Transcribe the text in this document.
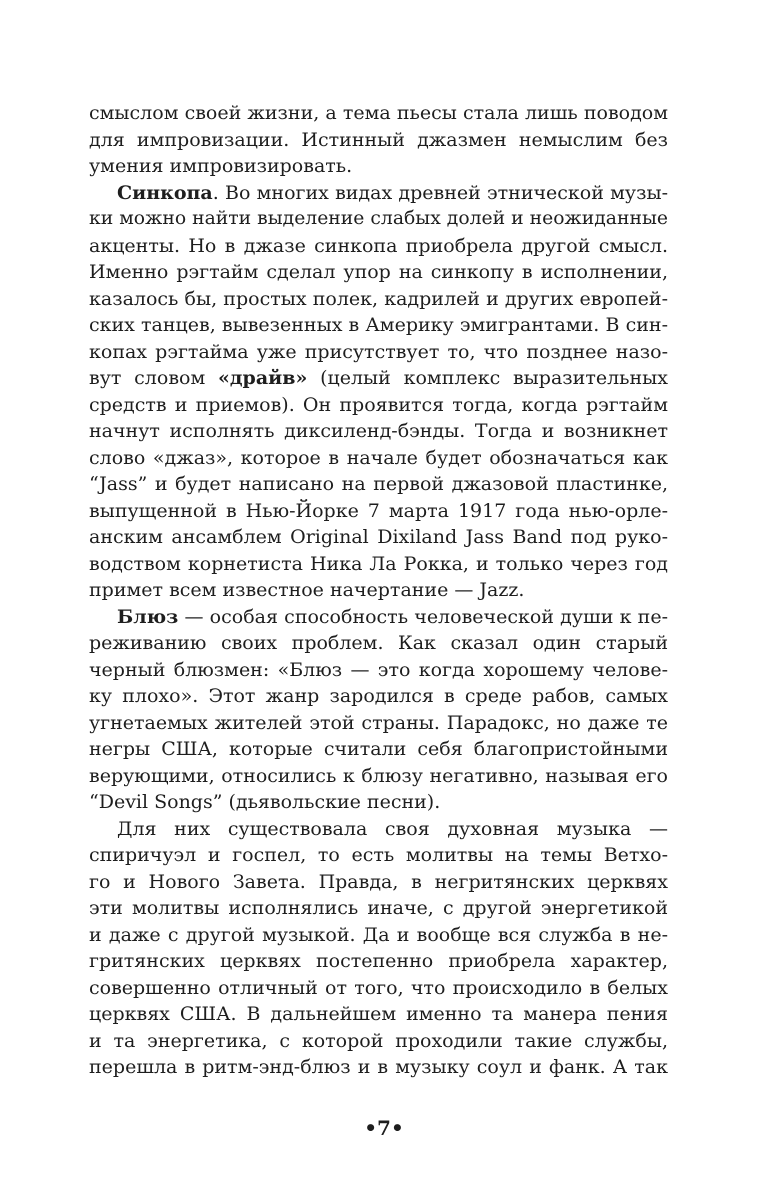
смыслом своей жизни, а тема пьесы стала лишь поводом
для импровизации. Истинный джазмен немыслим без
умения импровизировать.
Синкопа. Во многих видах древней этнической музы-
ки можно найти выделение слабых долей и неожиданные
акценты. Но в джазе синкопа приобрела другой смысл.
Именно рэгтайм сделал упор на синкопу в исполнении,
казалось бы, простых полек, кадрилей и других европей-
ских танцев, вывезенных в Америку эмигрантами. В син-
копах рэгтайма уже присутствует то, что позднее назо-
вут словом «драйв» (целый комплекс выразительных
средств и приемов). Он проявится тогда, когда рэгтайм
начнут исполнять диксиленд-бэнды. Тогда и возникнет
слово «джаз», которое в начале будет обозначаться как
“Jass” и будет написано на первой джазовой пластинке,
выпущенной в Нью-Йорке 7 марта 1917 года нью-орле-
анским ансамблем Original Dixiland Jass Band под руко-
водством корнетиста Ника Ла Рокка, и только через год
примет всем известное начертание — Jazz.
Блюз — особая способность человеческой души к пе-
реживанию своих проблем. Как сказал один старый
черный блюзмен: «Блюз — это когда хорошему челове-
ку плохо». Этот жанр зародился в среде рабов, самых
угнетаемых жителей этой страны. Парадокс, но даже те
негры США, которые считали себя благопристойными
верующими, относились к блюзу негативно, называя его
“Devil Songs” (дьявольские песни).
Для них существовала своя духовная музыка —
спиричуэл и госпел, то есть молитвы на темы Ветхо-
го и Нового Завета. Правда, в негритянских церквях
эти молитвы исполнялись иначе, с другой энергетикой
и даже с другой музыкой. Да и вообще вся служба в не-
гритянских церквях постепенно приобрела характер,
совершенно отличный от того, что происходило в белых
церквях США. В дальнейшем именно та манера пения
и та энергетика, с которой проходили такие службы,
перешла в ритм-энд-блюз и в музыку соул и фанк. А так
•7•
